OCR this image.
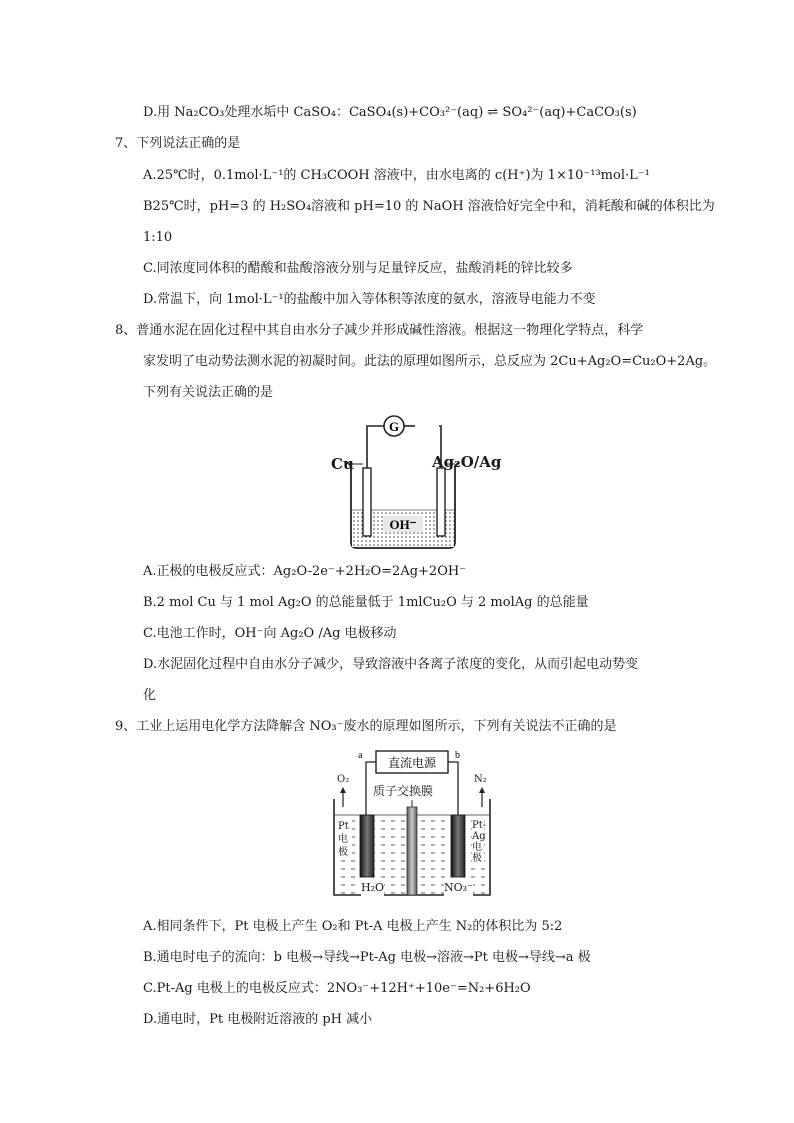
D.用 Na₂CO₃处理水垢中 CaSO₄：CaSO₄(s)+CO₃²⁻(aq) ⇌ SO₄²⁻(aq)+CaCO₃(s)
7、下列说法正确的是
A.25℃时，0.1mol·L⁻¹的 CH₃COOH 溶液中，由水电离的 c(H⁺)为 1×10⁻¹³mol·L⁻¹
B25℃时，pH=3 的 H₂SO₄溶液和 pH=10 的 NaOH 溶液恰好完全中和，消耗酸和碱的体积比为
1:10
C.同浓度同体积的醋酸和盐酸溶液分别与足量锌反应，盐酸消耗的锌比较多
D.常温下，向 1mol·L⁻¹的盐酸中加入等体积等浓度的氨水，溶液导电能力不变
8、普通水泥在固化过程中其自由水分子减少并形成碱性溶液。根据这一物理化学特点，科学
家发明了电动势法测水泥的初凝时间。此法的原理如图所示，总反应为 2Cu+Ag₂O=Cu₂O+2Ag。
下列有关说法正确的是
G
OH⁻
Cu	Ag₂O/Ag
A.正极的电极反应式：Ag₂O-2e⁻+2H₂O=2Ag+2OH⁻
B.2 mol Cu 与 1 mol Ag₂O 的总能量低于 1mlCu₂O 与 2 molAg 的总能量
C.电池工作时，OH⁻向 Ag₂O /Ag 电极移动
D.水泥固化过程中自由水分子减少，导致溶液中各离子浓度的变化，从而引起电动势变
化
9、工业上运用电化学方法降解含 NO₃⁻废水的原理如图所示，下列有关说法不正确的是
直流电源
a	b
O₂	N₂
质子交换膜
Pt电极
Pt-Ag电极
H₂O	NO₃⁻
A.相同条件下，Pt 电极上产生 O₂和 Pt-A 电极上产生 N₂的体积比为 5:2
B.通电时电子的流向：b 电极→导线→Pt-Ag 电极→溶液→Pt 电极→导线→a 极
C.Pt-Ag 电极上的电极反应式：2NO₃⁻+12H⁺+10e⁻=N₂+6H₂O
D.通电时，Pt 电极附近溶液的 pH 减小
